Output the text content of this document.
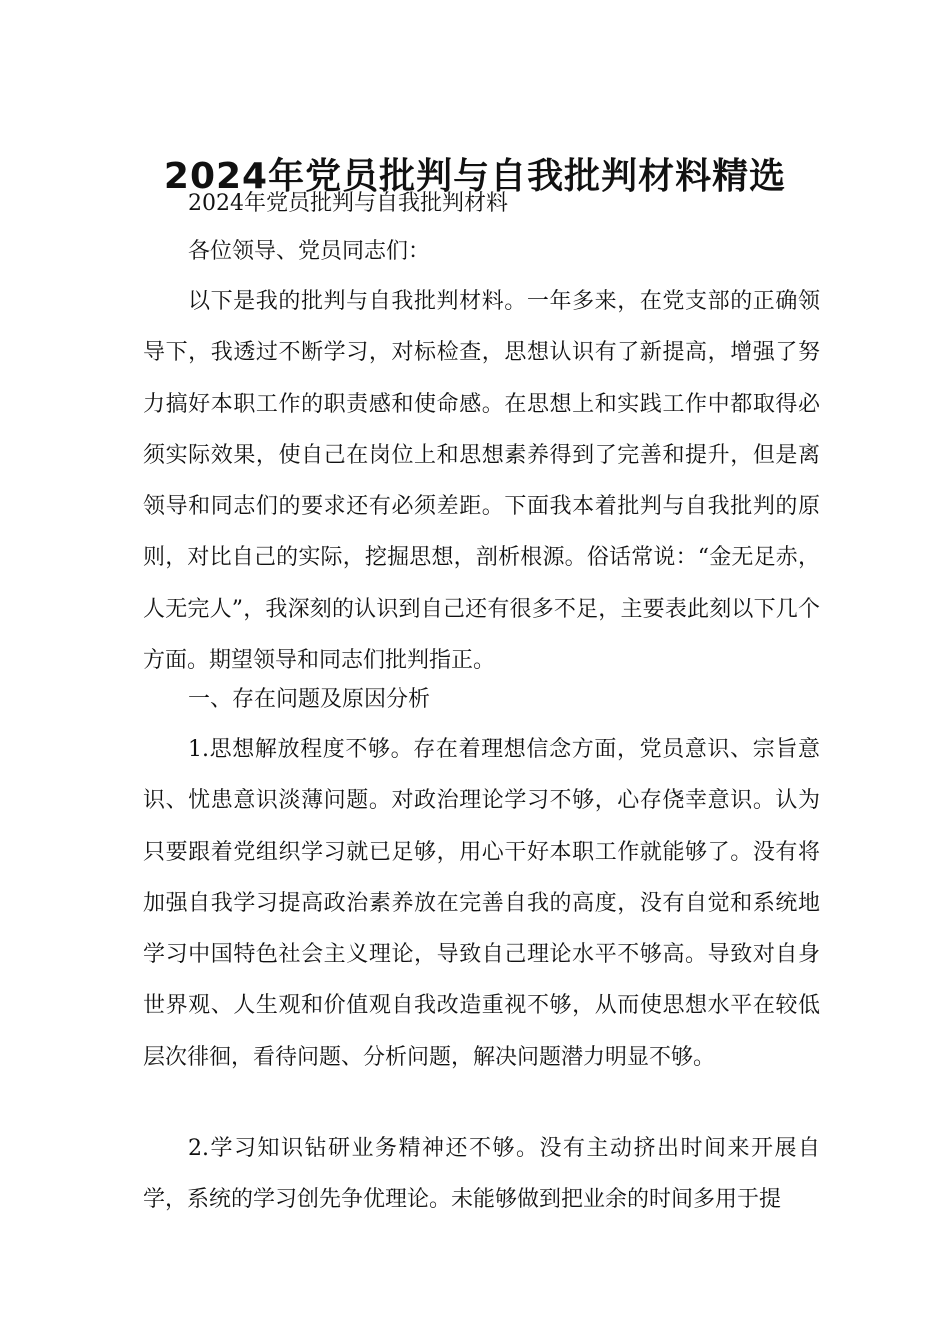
2024年党员批判与自我批判材料精选

2024年党员批判与自我批判材料

各位领导、党员同志们：

以下是我的批判与自我批判材料。一年多来，在党支部的正确领导下，我透过不断学习，对标检查，思想认识有了新提高，增强了努力搞好本职工作的职责感和使命感。在思想上和实践工作中都取得必须实际效果，使自己在岗位上和思想素养得到了完善和提升，但是离领导和同志们的要求还有必须差距。下面我本着批判与自我批判的原则，对比自己的实际，挖掘思想，剖析根源。俗话常说：“金无足赤，人无完人”，我深刻的认识到自己还有很多不足，主要表此刻以下几个方面。期望领导和同志们批判指正。

一、存在问题及原因分析

1.思想解放程度不够。存在着理想信念方面，党员意识、宗旨意识、忧患意识淡薄问题。对政治理论学习不够，心存侥幸意识。认为只要跟着党组织学习就已足够，用心干好本职工作就能够了。没有将加强自我学习提高政治素养放在完善自我的高度，没有自觉和系统地学习中国特色社会主义理论，导致自己理论水平不够高。导致对自身世界观、人生观和价值观自我改造重视不够，从而使思想水平在较低层次徘徊，看待问题、分析问题，解决问题潜力明显不够。

2.学习知识钻研业务精神还不够。没有主动挤出时间来开展自学，系统的学习创先争优理论。未能够做到把业余的时间多用于提
